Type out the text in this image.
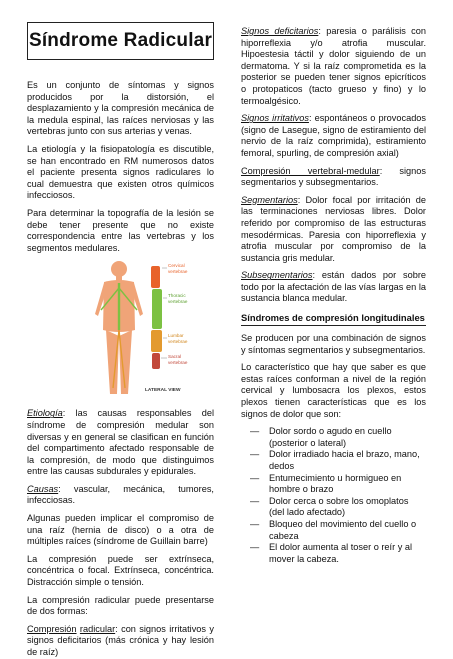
Síndrome Radicular

Es un conjunto de síntomas y signos producidos por la distorsión, el desplazamiento y la compresión mecánica de la medula espinal, las raíces nerviosas y las vertebras junto con sus arterias y venas.

La etiología y la fisiopatología es discutible, se han encontrado en RM numerosos datos el paciente presenta signos radiculares lo cual demuestra que existen otros químicos infecciosos.

Para determinar la topografía de la lesión se debe tener presente que no existe correspondencia entre las vertebras y los segmentos medulares.

Cervical vertebrae
Thoracic vertebrae
Lumbar vertebrae
Sacral vertebrae
LATERAL VIEW

Etiología: las causas responsables del síndrome de compresión medular son diversas y en general se clasifican en función del compartimento afectado responsable de la compresión, de modo que distinguimos entre las causas subdurales y epidurales.

Causas: vascular, mecánica, tumores, infecciosas.

Algunas pueden implicar el compromiso de una raíz (hernia de disco) o a otra de múltiples raíces (síndrome de Guillain barre)

La compresión puede ser extrínseca, concéntrica o focal. Extrínseca, concéntrica. Distracción simple o tensión.

La compresión radicular puede presentarse de dos formas:

Compresión radicular: con signos irritativos y signos deficitarios (más crónica y hay lesión de raíz)

Signos deficitarios: paresia o parálisis con hiporreflexia y/o atrofia muscular. Hipoestesia táctil y dolor siguiendo de un dermatoma. Y si la raíz comprometida es la posterior se pueden tener signos epicríticos o protopaticos (tacto grueso y fino) y lo termoalgésico.

Signos irritativos: espontáneos o provocados (signo de Lasegue, signo de estiramiento del nervio de la raíz comprimida), estiramiento femoral, spurling, de compresión axial)

Compresión vertebral-medular: signos segmentarios y subsegmentarios.

Segmentarios: Dolor focal por irritación de las terminaciones nerviosas libres. Dolor referido por compromiso de las estructuras mesodérmicas. Paresia con hiporreflexia y atrofia muscular por compromiso de la sustancia gris medular.

Subsegmentarios: están dados por sobre todo por la afectación de las vías largas en la sustancia blanca medular.

Síndromes de compresión longitudinales

Se producen por una combinación de signos y síntomas segmentarios y subsegmentarios.

Lo característico que hay que saber es que estas raíces conforman a nivel de la región cervical y lumbosacra los plexos, estos plexos tienen características que es los signos de dolor que son:

— Dolor sordo o agudo en cuello (posterior o lateral)
— Dolor irradiado hacia el brazo, mano, dedos
— Entumecimiento u hormigueo en hombre o brazo
— Dolor cerca o sobre los omoplatos (del lado afectado)
— Bloqueo del movimiento del cuello o cabeza
— El dolor aumenta al toser o reír y al mover la cabeza.
